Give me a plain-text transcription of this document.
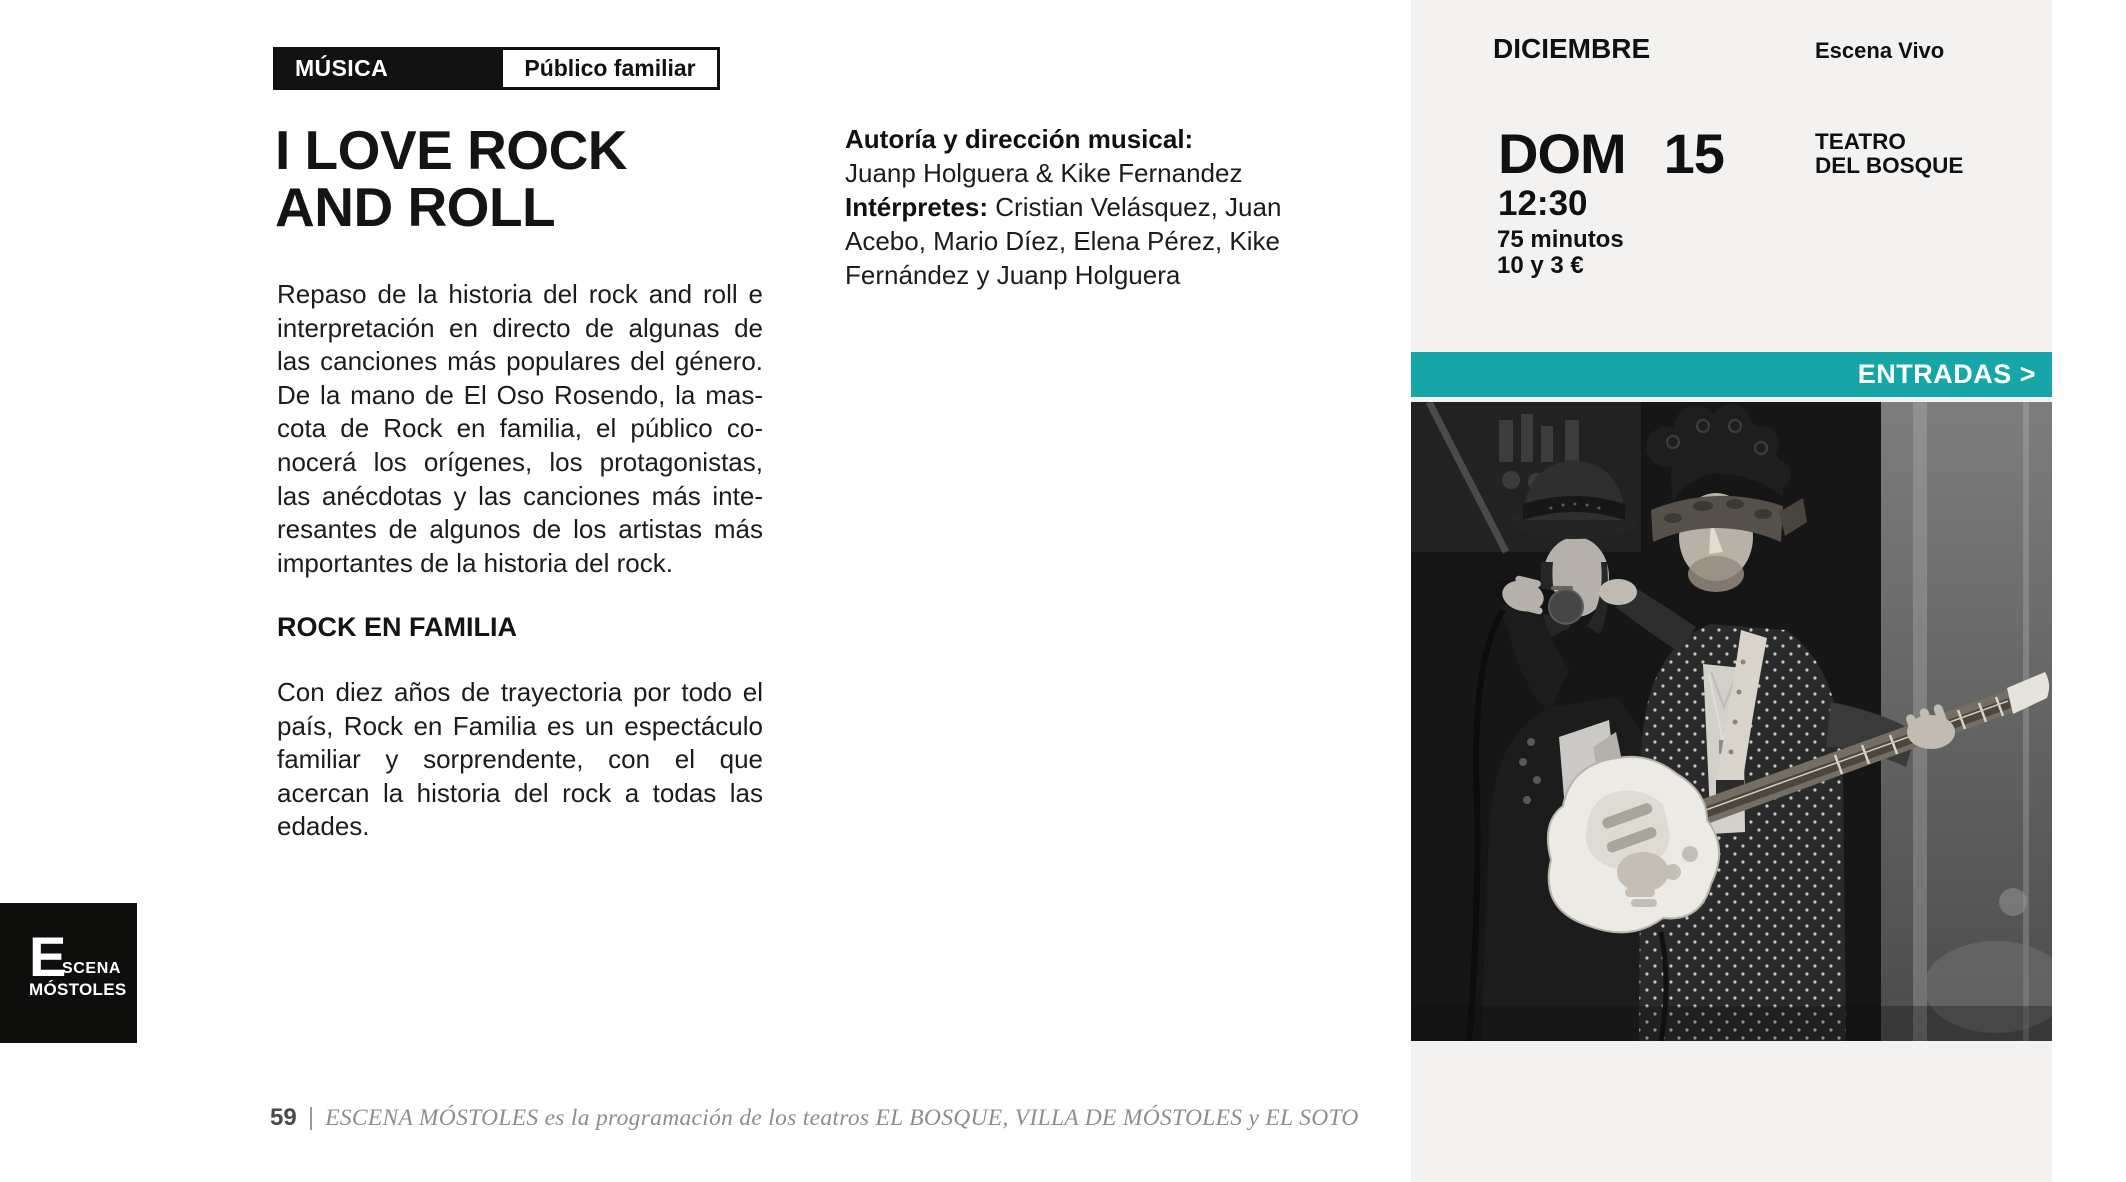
MÚSICA	Público familiar
I LOVE ROCK
AND ROLL

Repaso de la historia del rock and roll e interpretación en directo de algunas de las canciones más populares del género. De la mano de El Oso Rosendo, la mascota de Rock en familia, el público conocerá los orígenes, los protagonistas, las anécdotas y las canciones más interesantes de algunos de los artistas más importantes de la historia del rock.

ROCK EN FAMILIA

Con diez años de trayectoria por todo el país, Rock en Familia es un espectáculo familiar y sorprendente, con el que acercan la historia del rock a todas las edades.

Autoría y dirección musical:
Juanp Holguera & Kike Fernandez
Intérpretes: Cristian Velásquez, Juan Acebo, Mario Díez, Elena Pérez, Kike Fernández y Juanp Holguera
DICIEMBRE	Escena Vivo
DOM 15
12:30
75 minutos
10 y 3 €
TEATRO
DEL BOSQUE
ENTRADAS >
E
SCENA
MÓSTOLES
59 | ESCENA MÓSTOLES es la programación de los teatros EL BOSQUE, VILLA DE MÓSTOLES y EL SOTO
